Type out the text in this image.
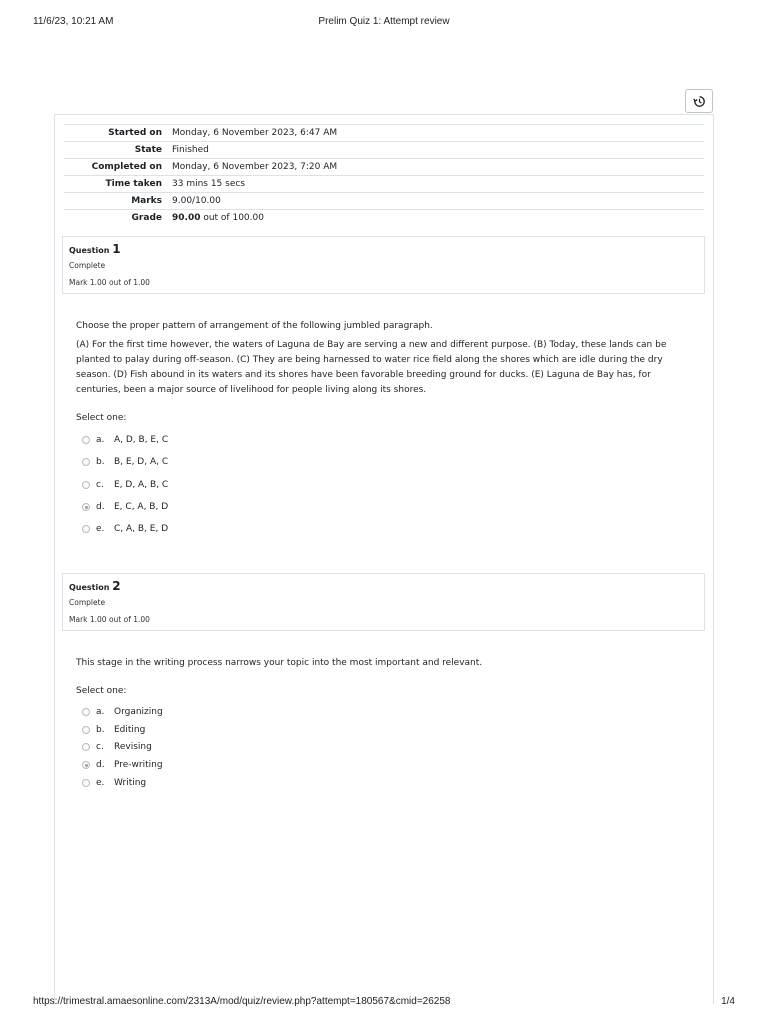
11/6/23, 10:21 AM	Prelim Quiz 1: Attempt review
Started on	Monday, 6 November 2023, 6:47 AM
State	Finished
Completed on	Monday, 6 November 2023, 7:20 AM
Time taken	33 mins 15 secs
Marks	9.00/10.00
Grade	90.00 out of 100.00
Question 1
Complete
Mark 1.00 out of 1.00

Choose the proper pattern of arrangement of the following jumbled paragraph.

(A) For the first time however, the waters of Laguna de Bay are serving a new and different purpose. (B) Today, these lands can be planted to palay during off-season. (C) They are being harnessed to water rice field along the shores which are idle during the dry season. (D) Fish abound in its waters and its shores have been favorable breeding ground for ducks. (E) Laguna de Bay has, for centuries, been a major source of livelihood for people living along its shores.

Select one:
a.	A, D, B, E, C
b.	B, E, D, A, C
c.	E, D, A, B, C
d.	E, C, A, B, D
e.	C, A, B, E, D
Question 2
Complete
Mark 1.00 out of 1.00

This stage in the writing process narrows your topic into the most important and relevant.

Select one:
a.	Organizing
b.	Editing
c.	Revising
d.	Pre-writing
e.	Writing
https://trimestral.amaesonline.com/2313A/mod/quiz/review.php?attempt=180567&cmid=26258	1/4
